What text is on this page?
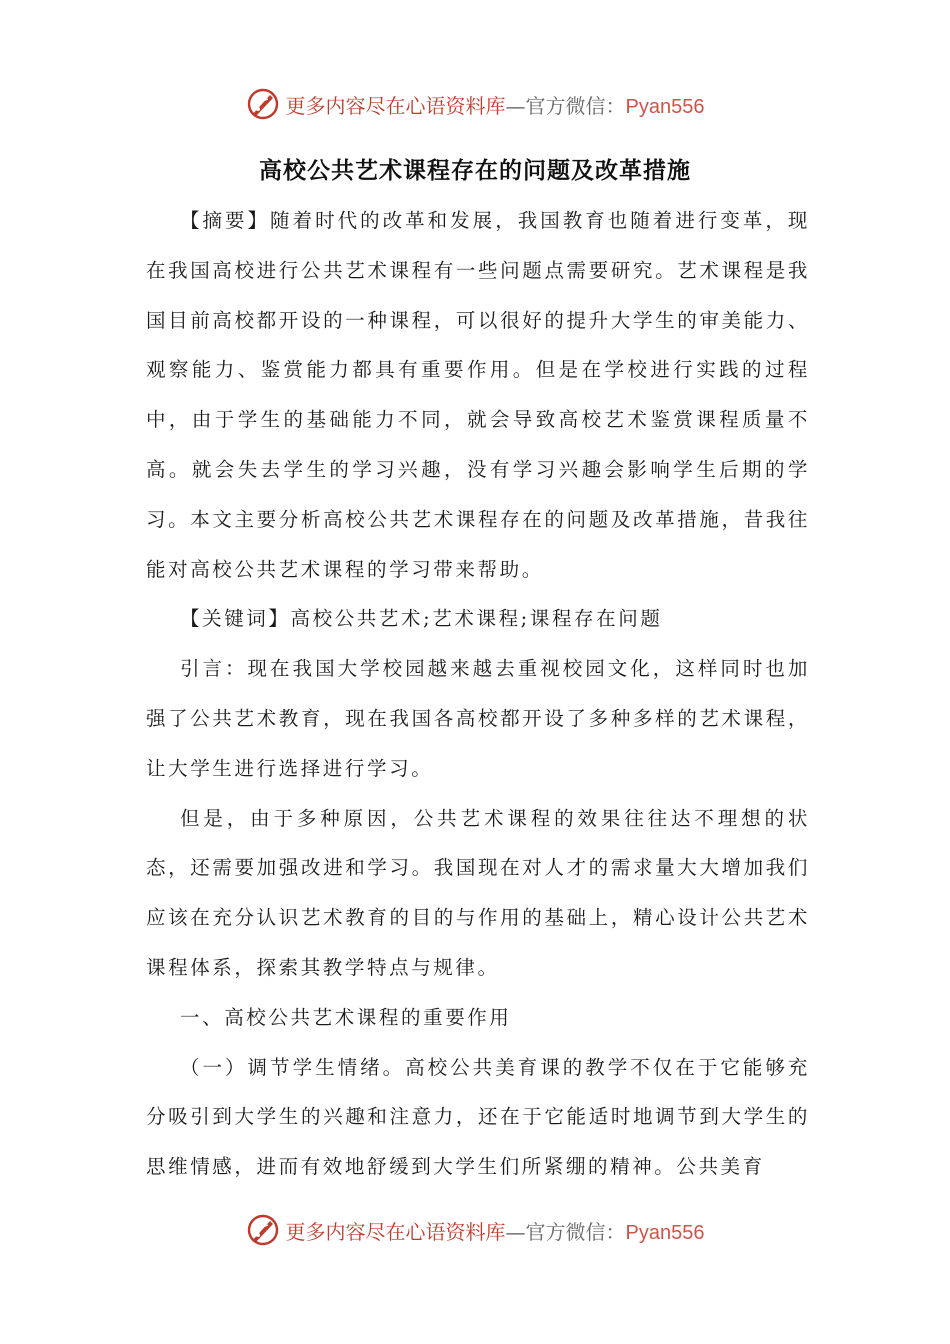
更多内容尽在心语资料库—官方微信：Pyan556
高校公共艺术课程存在的问题及改革措施

【摘要】随着时代的改革和发展，我国教育也随着进行变革，现在我国高校进行公共艺术课程有一些问题点需要研究。艺术课程是我国目前高校都开设的一种课程，可以很好的提升大学生的审美能力、观察能力、鉴赏能力都具有重要作用。但是在学校进行实践的过程中，由于学生的基础能力不同，就会导致高校艺术鉴赏课程质量不高。就会失去学生的学习兴趣，没有学习兴趣会影响学生后期的学习。本文主要分析高校公共艺术课程存在的问题及改革措施，昔我往能对高校公共艺术课程的学习带来帮助。

【关键词】高校公共艺术;艺术课程;课程存在问题

引言：现在我国大学校园越来越去重视校园文化，这样同时也加强了公共艺术教育，现在我国各高校都开设了多种多样的艺术课程，让大学生进行选择进行学习。

但是，由于多种原因，公共艺术课程的效果往往达不理想的状态，还需要加强改进和学习。我国现在对人才的需求量大大增加我们应该在充分认识艺术教育的目的与作用的基础上，精心设计公共艺术课程体系，探索其教学特点与规律。

一、高校公共艺术课程的重要作用

（一）调节学生情绪。高校公共美育课的教学不仅在于它能够充分吸引到大学生的兴趣和注意力，还在于它能适时地调节到大学生的思维情感，进而有效地舒缓到大学生们所紧绷的精神。公共美育

更多内容尽在心语资料库—官方微信：Pyan556
